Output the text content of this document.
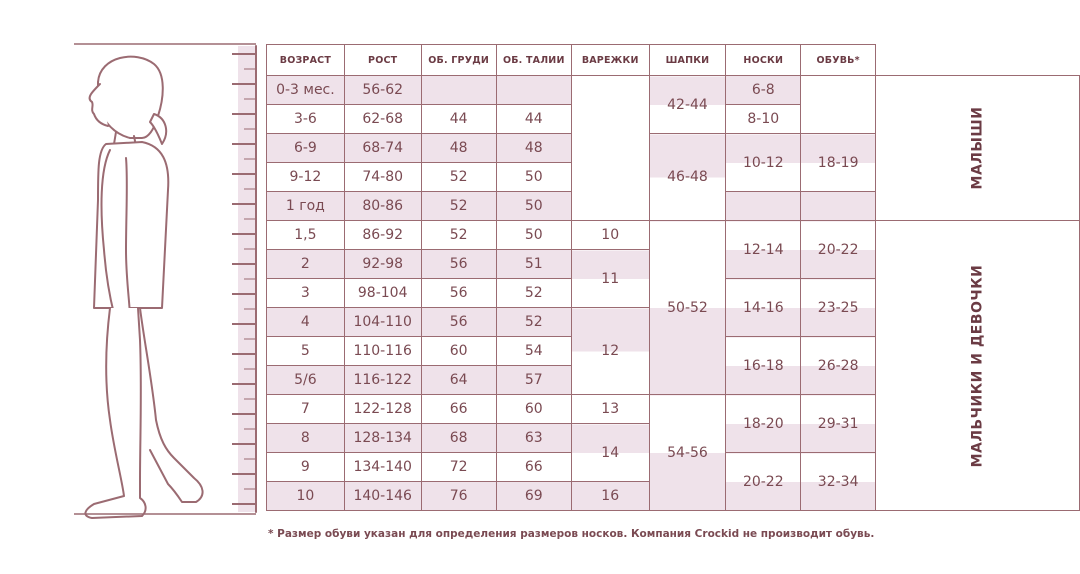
ВОЗРАСТ	РОСТ	ОБ. ГРУДИ	ОБ. ТАЛИИ	ВАРЕЖКИ	ШАПКИ	НОСКИ	ОБУВЬ*	
0-3 мес.	56-62				42-44	6-8		МАЛЫШИ

3-6	62-68	44	44			8-10		
6-9	68-74	48	48		46-48	10-12	18-19	
9-12	74-80	52	50					
1 год	80-86	52	50					
1,5	86-92	52	50	10	50-52	12-14	20-22	МАЛЬЧИКИ И ДЕВОЧКИ

2	92-98	56	51	11				
3	98-104	56	52			14-16	23-25	
4	104-110	56	52	12				
5	110-116	60	54			16-18	26-28	
5/6	116-122	64	57					
7	122-128	66	60	13	54-56	18-20	29-31	
8	128-134	68	63	14				
9	134-140	72	66			20-22	32-34	
10	140-146	76	69	16				
* Размер обуви указан для определения размеров носков. Компания Crockid не производит обувь.
